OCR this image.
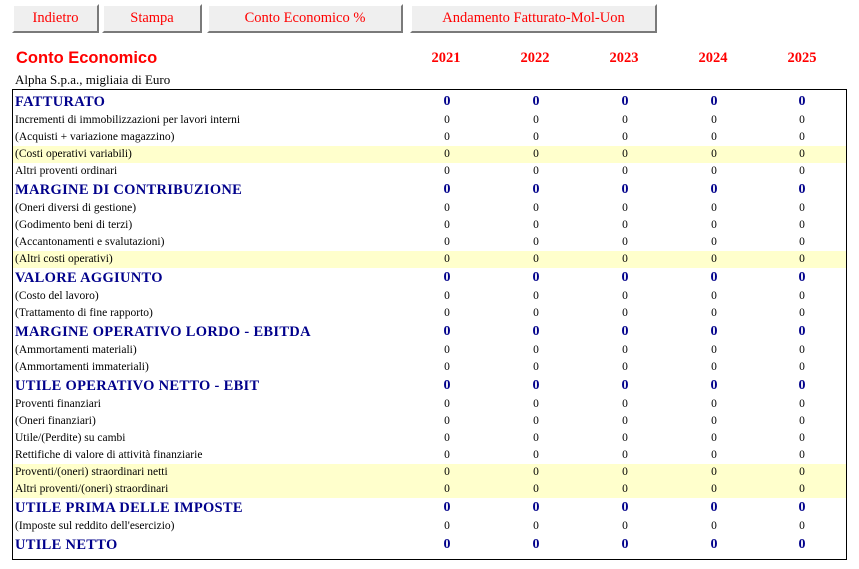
Indietro	Stampa	Conto Economico %	Andamento Fatturato-Mol-Uon
Conto Economico	2021	2022	2023	2024	2025
Alpha S.p.a., migliaia di Euro
FATTURATO	0	0	0	0	0
Incrementi di immobilizzazioni per lavori interni	0	0	0	0	0
(Acquisti + variazione magazzino)	0	0	0	0	0
(Costi operativi variabili)	0	0	0	0	0
Altri proventi ordinari	0	0	0	0	0
MARGINE DI CONTRIBUZIONE	0	0	0	0	0
(Oneri diversi di gestione)	0	0	0	0	0
(Godimento beni di terzi)	0	0	0	0	0
(Accantonamenti e svalutazioni)	0	0	0	0	0
(Altri costi operativi)	0	0	0	0	0
VALORE AGGIUNTO	0	0	0	0	0
(Costo del lavoro)	0	0	0	0	0
(Trattamento di fine rapporto)	0	0	0	0	0
MARGINE OPERATIVO LORDO - EBITDA	0	0	0	0	0
(Ammortamenti materiali)	0	0	0	0	0
(Ammortamenti immateriali)	0	0	0	0	0
UTILE OPERATIVO NETTO - EBIT	0	0	0	0	0
Proventi finanziari	0	0	0	0	0
(Oneri finanziari)	0	0	0	0	0
Utile/(Perdite) su cambi	0	0	0	0	0
Rettifiche di valore di attività finanziarie	0	0	0	0	0
Proventi/(oneri) straordinari netti	0	0	0	0	0
Altri proventi/(oneri) straordinari	0	0	0	0	0
UTILE PRIMA DELLE IMPOSTE	0	0	0	0	0
(Imposte sul reddito dell'esercizio)	0	0	0	0	0
UTILE NETTO	0	0	0	0	0
